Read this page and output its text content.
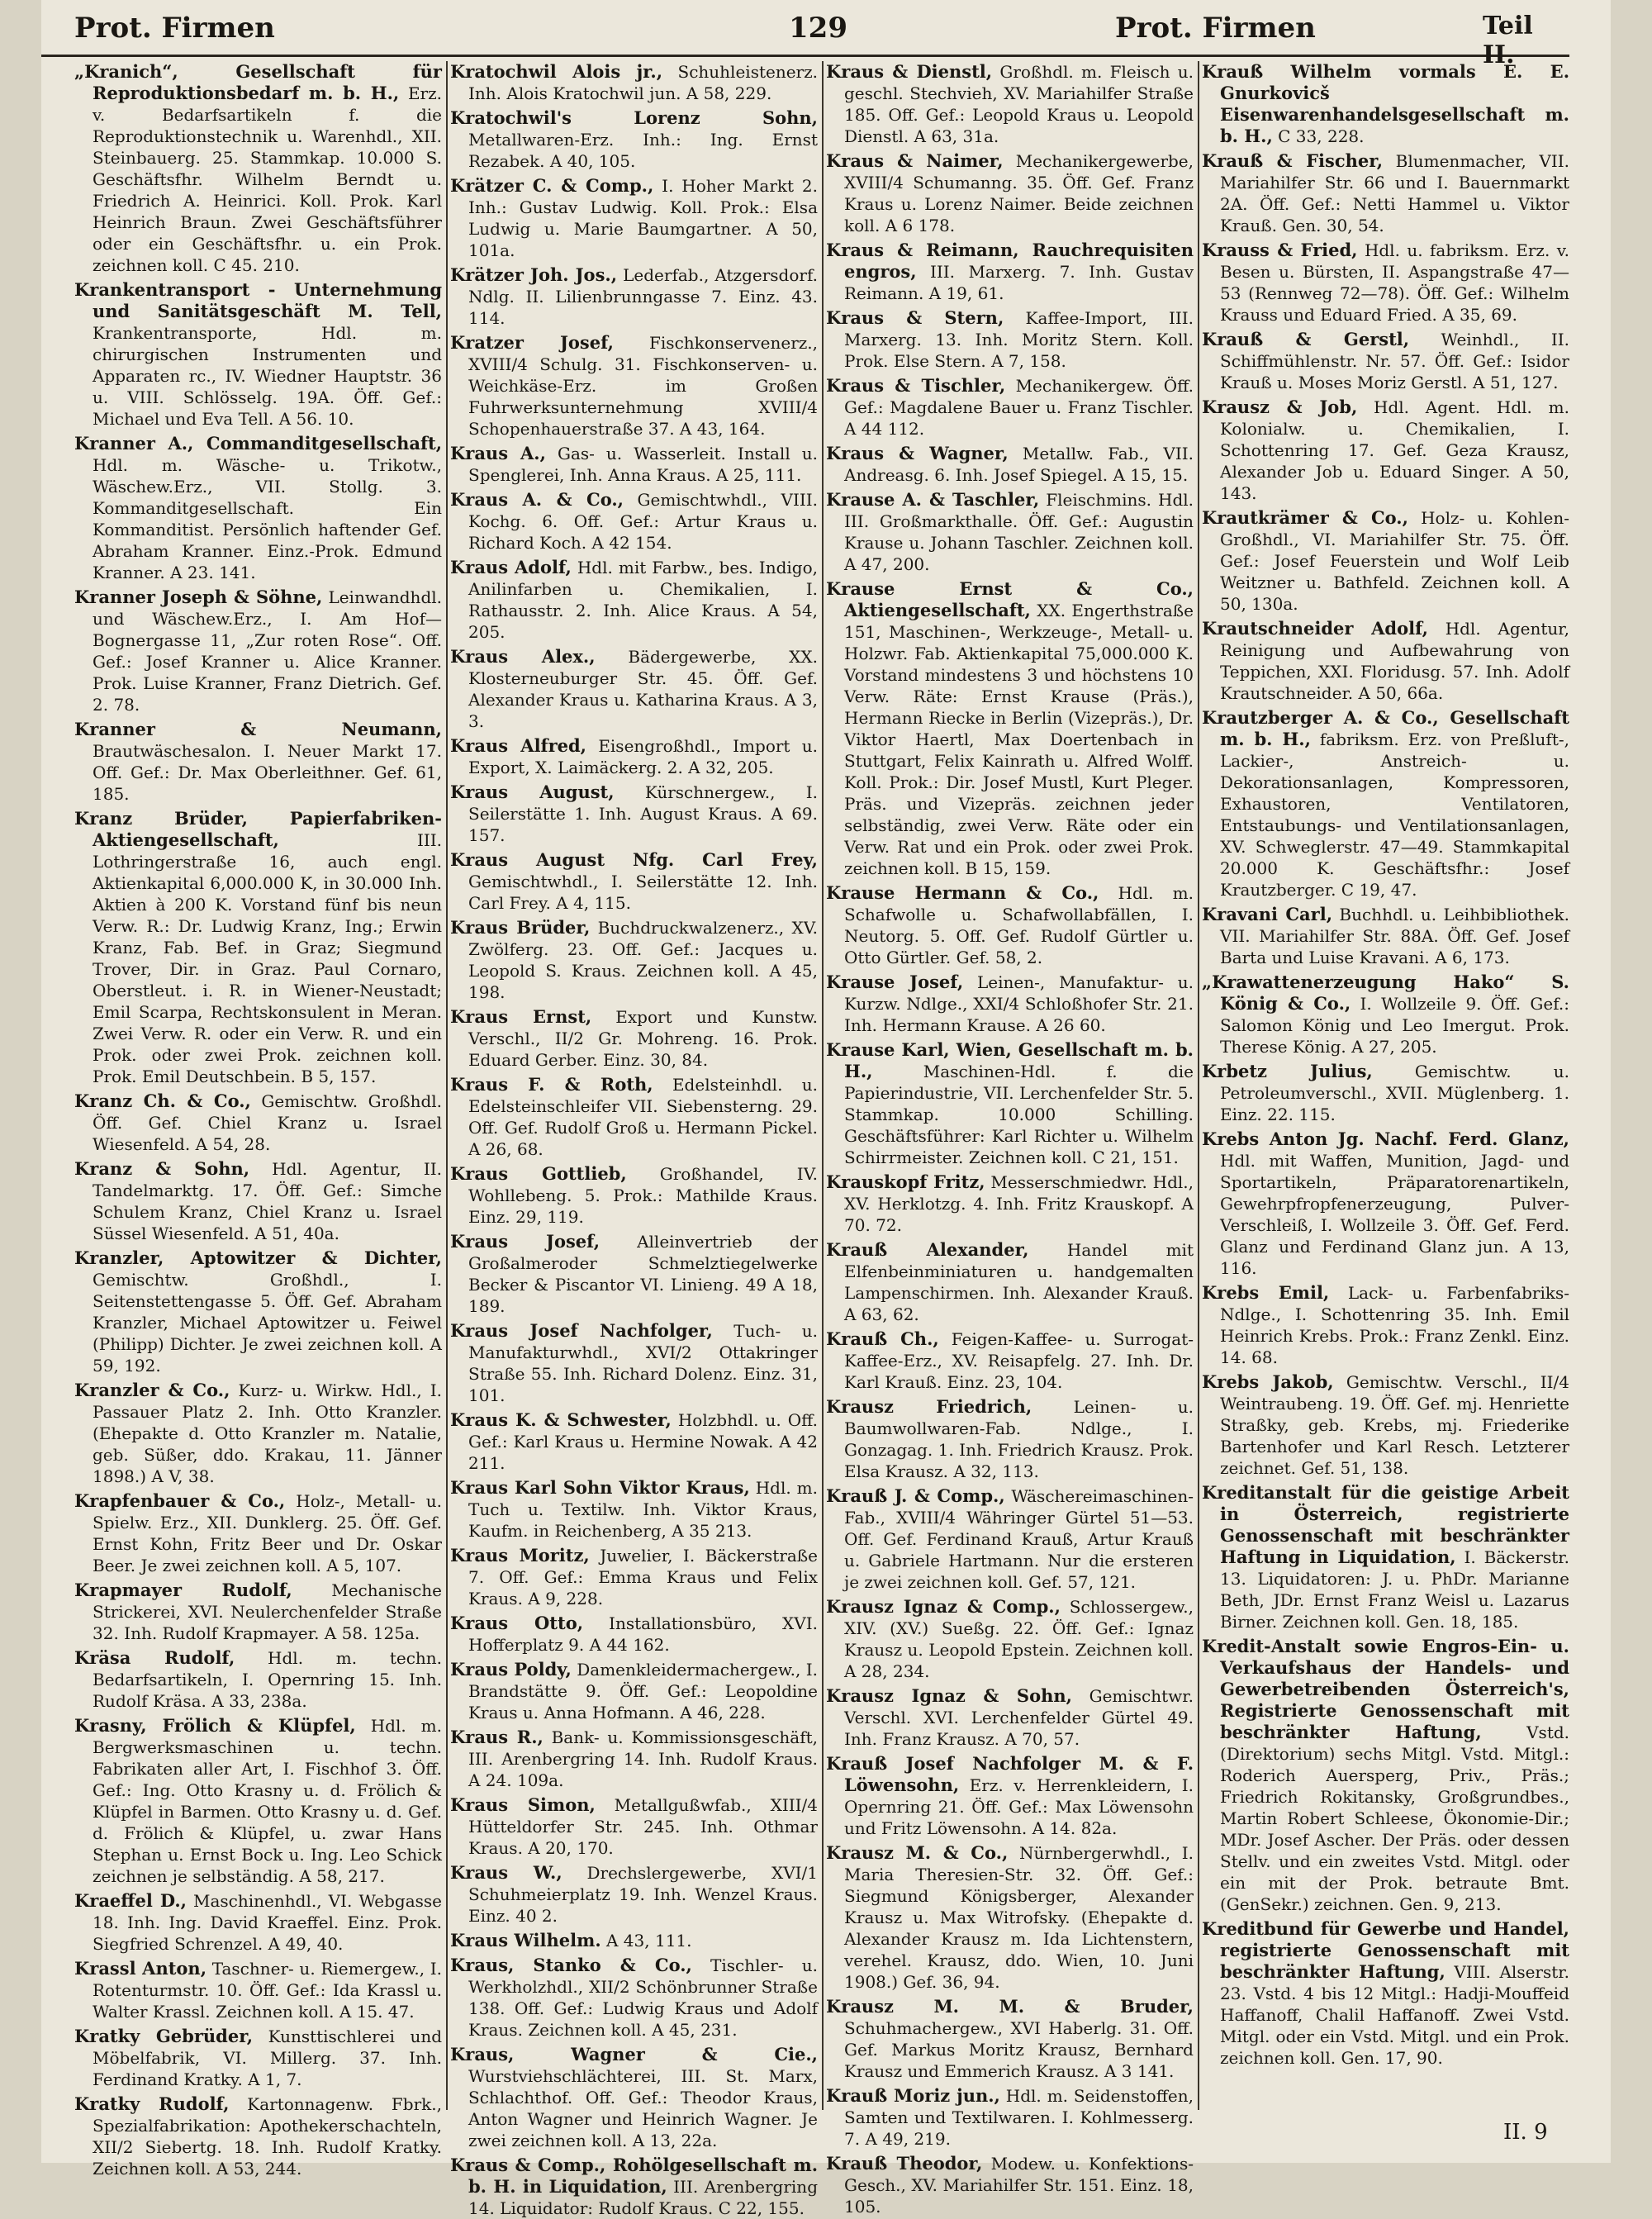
Prot. Firmen	129	Prot. Firmen	Teil II.

„Kranich“, Gesellschaft für Reproduktionsbedarf m. b. H., Erz. v. Bedarfsartikeln f. die Reproduktionstechnik u. Warenhdl., XII. Steinbauerg. 25. Stammkap. 10.000 S. Geschäftsfhr. Wilhelm Berndt u. Friedrich A. Heinrici. Koll. Prok. Karl Heinrich Braun. Zwei Geschäftsführer oder ein Geschäftsfhr. u. ein Prok. zeichnen koll. C 45. 210.

Krankentransport - Unternehmung und Sanitätsgeschäft M. Tell, Krankentransporte, Hdl. m. chirurgischen Instrumenten und Apparaten rc., IV. Wiedner Hauptstr. 36 u. VIII. Schlösselg. 19A. Öff. Gef.: Michael und Eva Tell. A 56. 10.

Kranner A., Commanditgesellschaft, Hdl. m. Wäsche- u. Trikotw., Wäschew.Erz., VII. Stollg. 3. Kommanditgesellschaft. Ein Kommanditist. Persönlich haftender Gef. Abraham Kranner. Einz.-Prok. Edmund Kranner. A 23. 141.

Kranner Joseph & Söhne, Leinwandhdl. und Wäschew.Erz., I. Am Hof—Bognergasse 11, „Zur roten Rose“. Off. Gef.: Josef Kranner u. Alice Kranner. Prok. Luise Kranner, Franz Dietrich. Gef. 2. 78.

Kranner & Neumann, Brautwäschesalon. I. Neuer Markt 17. Off. Gef.: Dr. Max Oberleithner. Gef. 61, 185.

Kranz Brüder, Papierfabriken-Aktiengesellschaft,	III. Lothringerstraße 16, auch engl. Aktienkapital 6,000.000 K, in 30.000 Inh. Aktien à 200 K. Vorstand fünf bis neun Verw. R.: Dr. Ludwig Kranz, Ing.; Erwin Kranz, Fab. Bef. in Graz; Siegmund Trover, Dir. in Graz. Paul Cornaro, Oberstleut. i. R. in Wiener-Neustadt; Emil Scarpa, Rechtskonsulent in Meran. Zwei Verw. R. oder ein Verw. R. und ein Prok. oder zwei Prok. zeichnen koll. Prok. Emil Deutschbein. B 5, 157.

Kranz Ch. & Co., Gemischtw. Großhdl. Öff. Gef. Chiel Kranz u. Israel Wiesenfeld. A 54, 28.

Kranz & Sohn, Hdl. Agentur, II. Tandelmarktg. 17. Öff. Gef.: Simche Schulem Kranz, Chiel Kranz u. Israel Süssel Wiesenfeld. A 51, 40a.

Kranzler, Aptowitzer & Dichter, Gemischtw. Großhdl., I. Seitenstettengasse 5. Öff. Gef. Abraham Kranzler, Michael Aptowitzer u. Feiwel (Philipp) Dichter. Je zwei zeichnen koll. A 59, 192.

Kranzler & Co., Kurz- u. Wirkw. Hdl., I. Passauer Platz 2. Inh. Otto Kranzler. (Ehepakte d. Otto Kranzler m. Natalie, geb. Süßer, ddo. Krakau, 11. Jänner 1898.) A V, 38.

Krapfenbauer & Co., Holz-, Metall- u. Spielw. Erz., XII. Dunklerg. 25. Öff. Gef. Ernst Kohn, Fritz Beer und Dr. Oskar Beer. Je zwei zeichnen koll. A 5, 107.

Krapmayer Rudolf, Mechanische Strickerei, XVI. Neulerchenfelder Straße 32. Inh. Rudolf Krapmayer. A 58. 125a.

Kräsa Rudolf, Hdl. m. techn. Bedarfsartikeln, I. Opernring 15. Inh. Rudolf Kräsa. A 33, 238a.

Krasny, Frölich & Klüpfel, Hdl. m. Bergwerksmaschinen u. techn. Fabrikaten aller Art, I. Fischhof 3. Öff. Gef.: Ing. Otto Krasny u. d. Frölich & Klüpfel in Barmen. Otto Krasny u. d. Gef. d. Frölich & Klüpfel, u. zwar Hans Stephan u. Ernst Bock u. Ing. Leo Schick zeichnen je selbständig. A 58, 217.

Kraeffel D., Maschinenhdl., VI. Webgasse 18. Inh. Ing. David Kraeffel. Einz. Prok. Siegfried Schrenzel. A 49, 40.

Krassl Anton, Taschner- u. Riemergew., I. Rotenturmstr. 10. Öff. Gef.: Ida Krassl u. Walter Krassl. Zeichnen koll. A 15. 47.

Kratky Gebrüder, Kunsttischlerei und Möbelfabrik, VI. Millerg. 37. Inh. Ferdinand Kratky. A 1, 7.

Kratky Rudolf, Kartonnagenw. Fbrk., Spezialfabrikation: Apothekerschachteln, XII/2 Siebertg. 18. Inh. Rudolf Kratky. Zeichnen koll. A 53, 244.

Kratochwil Alois jr., Schuhleistenerz. Inh. Alois Kratochwil jun. A 58, 229.

Kratochwil's Lorenz Sohn, Metallwaren-Erz. Inh.: Ing. Ernst Rezabek. A 40, 105.

Krätzer C. & Comp., I. Hoher Markt 2. Inh.: Gustav Ludwig. Koll. Prok.: Elsa Ludwig u. Marie Baumgartner. A 50, 101a.

Krätzer Joh. Jos., Lederfab., Atzgersdorf. Ndlg. II. Lilienbrunngasse 7. Einz. 43. 114.

Kratzer Josef, Fischkonservenerz., XVIII/4 Schulg. 31. Fischkonserven- u. Weichkäse-Erz. im Großen Fuhrwerksunternehmung XVIII/4 Schopenhauerstraße 37. A 43, 164.

Kraus A., Gas- u. Wasserleit. Install u. Spenglerei, Inh. Anna Kraus. A 25, 111.

Kraus A. & Co., Gemischtwhdl., VIII. Kochg. 6. Off. Gef.: Artur Kraus u. Richard Koch. A 42 154.

Kraus Adolf, Hdl. mit Farbw., bes. Indigo, Anilinfarben u. Chemikalien, I. Rathausstr. 2. Inh. Alice Kraus. A 54, 205.

Kraus Alex., Bädergewerbe, XX. Klosterneuburger Str. 45. Öff. Gef. Alexander Kraus u. Katharina Kraus. A 3, 3.

Kraus Alfred, Eisengroßhdl., Import u. Export, X. Laimäckerg. 2. A 32, 205.

Kraus August, Kürschnergew., I. Seilerstätte 1. Inh. August Kraus. A 69. 157.

Kraus August Nfg. Carl Frey, Gemischtwhdl., I. Seilerstätte 12. Inh. Carl Frey. A 4, 115.

Kraus Brüder, Buchdruckwalzenerz., XV. Zwölferg. 23. Off. Gef.: Jacques u. Leopold S. Kraus. Zeichnen koll. A 45, 198.

Kraus Ernst, Export und Kunstw. Verschl., II/2 Gr. Mohreng. 16. Prok. Eduard Gerber. Einz. 30, 84.

Kraus F. & Roth, Edelsteinhdl. u. Edelsteinschleifer VII. Siebensterng. 29. Off. Gef. Rudolf Groß u. Hermann Pickel. A 26, 68.

Kraus Gottlieb, Großhandel, IV. Wohllebeng. 5. Prok.: Mathilde Kraus. Einz. 29, 119.

Kraus Josef, Alleinvertrieb der Großalmeroder Schmelztiegelwerke Becker & Piscantor VI. Linieng. 49 A 18, 189.

Kraus Josef Nachfolger, Tuch- u. Manufakturwhdl., XVI/2 Ottakringer Straße 55. Inh. Richard Dolenz. Einz. 31, 101.

Kraus K. & Schwester, Holzbhdl. u. Off. Gef.: Karl Kraus u. Hermine Nowak. A 42 211.

Kraus Karl Sohn Viktor Kraus, Hdl. m. Tuch u. Textilw. Inh. Viktor Kraus, Kaufm. in Reichenberg, A 35 213.

Kraus Moritz, Juwelier, I. Bäckerstraße 7. Off. Gef.: Emma Kraus und Felix Kraus. A 9, 228.

Kraus Otto, Installationsbüro, XVI. Hofferplatz 9. A 44 162.

Kraus Poldy, Damenkleidermachergew., I. Brandstätte 9. Öff. Gef.: Leopoldine Kraus u. Anna Hofmann. A 46, 228.

Kraus R., Bank- u. Kommissionsgeschäft, III. Arenbergring 14. Inh. Rudolf Kraus. A 24. 109a.

Kraus Simon, Metallgußwfab., XIII/4 Hütteldorfer Str. 245. Inh. Othmar Kraus. A 20, 170.

Kraus W., Drechslergewerbe, XVI/1 Schuhmeierplatz 19. Inh. Wenzel Kraus. Einz. 40 2.

Kraus Wilhelm. A 43, 111.

Kraus, Stanko & Co., Tischler- u. Werkholzhdl., XII/2 Schönbrunner Straße 138. Off. Gef.: Ludwig Kraus und Adolf Kraus. Zeichnen koll. A 45, 231.

Kraus, Wagner & Cie., Wurstviehschlächterei, III. St. Marx, Schlachthof. Off. Gef.: Theodor Kraus, Anton Wagner und Heinrich Wagner. Je zwei zeichnen koll. A 13, 22a.

Kraus & Comp., Rohölgesellschaft m. b. H. in Liquidation, III. Arenbergring 14. Liquidator: Rudolf Kraus. C 22, 155.

Kraus & Dienstl, Großhdl. m. Fleisch u. geschl. Stechvieh, XV. Mariahilfer Straße 185. Off. Gef.: Leopold Kraus u. Leopold Dienstl. A 63, 31a.

Kraus & Naimer, Mechanikergewerbe, XVIII/4 Schumanng. 35. Öff. Gef. Franz Kraus u. Lorenz Naimer. Beide zeichnen koll. A 6 178.

Kraus & Reimann, Rauchrequisiten engros, III. Marxerg. 7. Inh. Gustav Reimann. A 19, 61.

Kraus & Stern, Kaffee-Import, III. Marxerg. 13. Inh. Moritz Stern. Koll. Prok. Else Stern. A 7, 158.

Kraus & Tischler, Mechanikergew. Öff. Gef.: Magdalene Bauer u. Franz Tischler. A 44 112.

Kraus & Wagner, Metallw. Fab., VII. Andreasg. 6. Inh. Josef Spiegel. A 15, 15.

Krause A. & Taschler, Fleischmins. Hdl. III. Großmarkthalle. Öff. Gef.: Augustin Krause u. Johann Taschler. Zeichnen koll. A 47, 200.

Krause Ernst & Co., Aktiengesellschaft, XX. Engerthstraße 151, Maschinen-, Werkzeuge-, Metall- u. Holzwr. Fab. Aktienkapital 75,000.000 K. Vorstand mindestens 3 und höchstens 10 Verw. Räte: Ernst Krause (Präs.), Hermann Riecke in Berlin (Vizepräs.), Dr. Viktor Haertl, Max Doertenbach in Stuttgart, Felix Kainrath u. Alfred Wolff. Koll. Prok.: Dir. Josef Mustl, Kurt Pleger. Präs. und Vizepräs. zeichnen jeder selbständig, zwei Verw. Räte oder ein Verw. Rat und ein Prok. oder zwei Prok. zeichnen koll. B 15, 159.

Krause Hermann & Co., Hdl. m. Schafwolle u. Schafwollabfällen, I. Neutorg. 5. Off. Gef. Rudolf Gürtler u. Otto Gürtler. Gef. 58, 2.

Krause Josef, Leinen-, Manufaktur- u. Kurzw. Ndlge., XXI/4 Schloßhofer Str. 21. Inh. Hermann Krause. A 26 60.

Krause Karl, Wien, Gesellschaft m. b. H.,	Maschinen-Hdl. f. die Papierindustrie, VII. Lerchenfelder Str. 5. Stammkap. 10.000 Schilling. Geschäftsführer: Karl Richter u. Wilhelm Schirrmeister. Zeichnen koll. C 21, 151.

Krauskopf Fritz, Messerschmiedwr. Hdl., XV. Herklotzg. 4. Inh. Fritz Krauskopf. A 70. 72.

Krauß Alexander, Handel mit Elfenbeinminiaturen u. handgemalten Lampenschirmen. Inh. Alexander Krauß. A 63, 62.

Krauß Ch., Feigen-Kaffee- u. Surrogat-Kaffee-Erz., XV. Reisapfelg. 27. Inh. Dr. Karl Krauß. Einz. 23, 104.

Krausz Friedrich,	Leinen- u. Baumwollwaren-Fab. Ndlge., I. Gonzagag. 1. Inh. Friedrich Krausz. Prok. Elsa Krausz. A 32, 113.

Krauß J. & Comp., Wäschereimaschinen-Fab., XVIII/4 Währinger Gürtel 51—53. Off. Gef. Ferdinand Krauß, Artur Krauß u. Gabriele Hartmann. Nur die ersteren je zwei zeichnen koll. Gef. 57, 121.

Krausz Ignaz & Comp., Schlossergew., XIV. (XV.) Sueßg. 22. Öff. Gef.: Ignaz Krausz u. Leopold Epstein. Zeichnen koll. A 28, 234.

Krausz Ignaz & Sohn, Gemischtwr. Verschl. XVI. Lerchenfelder Gürtel 49. Inh. Franz Krausz. A 70, 57.

Krauß Josef Nachfolger M. & F. Löwensohn, Erz. v. Herrenkleidern, I. Opernring 21. Öff. Gef.: Max Löwensohn und Fritz Löwensohn. A 14. 82a.

Krausz M. & Co., Nürnbergerwhdl., I. Maria Theresien-Str. 32. Öff. Gef.: Siegmund Königsberger, Alexander Krausz u. Max Witrofsky. (Ehepakte d. Alexander Krausz m. Ida Lichtenstern, verehel. Krausz, ddo. Wien, 10. Juni 1908.) Gef. 36, 94.

Krausz M. M. & Bruder, Schuhmachergew., XVI Haberlg. 31. Off. Gef. Markus Moritz Krausz, Bernhard Krausz und Emmerich Krausz. A 3 141.

Krauß Moriz jun., Hdl. m. Seidenstoffen, Samten und Textilwaren. I. Kohlmesserg. 7. A 49, 219.

Krauß Theodor, Modew. u. Konfektions-Gesch., XV. Mariahilfer Str. 151. Einz. 18, 105.

Krauß Wilhelm vormals E. E. Gnurkovicš Eisenwarenhandelsgesellschaft m. b. H., C 33, 228.

Krauß & Fischer, Blumenmacher, VII. Mariahilfer Str. 66 und I. Bauernmarkt 2A. Öff. Gef.: Netti Hammel u. Viktor Krauß. Gen. 30, 54.

Krauss & Fried, Hdl. u. fabriksm. Erz. v. Besen u. Bürsten, II. Aspangstraße 47—53 (Rennweg 72—78). Öff. Gef.: Wilhelm Krauss und Eduard Fried. A 35, 69.

Krauß & Gerstl, Weinhdl., II. Schiffmühlenstr. Nr. 57. Öff. Gef.: Isidor Krauß u. Moses Moriz Gerstl. A 51, 127.

Krausz & Job, Hdl. Agent. Hdl. m. Kolonialw. u. Chemikalien, I. Schottenring 17. Gef. Geza Krausz, Alexander Job u. Eduard Singer. A 50, 143.

Krautkrämer & Co., Holz- u. Kohlen-Großhdl., VI. Mariahilfer Str. 75. Öff. Gef.: Josef Feuerstein und Wolf Leib Weitzner u. Bathfeld. Zeichnen koll. A 50, 130a.

Krautschneider Adolf, Hdl. Agentur, Reinigung und Aufbewahrung von Teppichen, XXI. Floridusg. 57. Inh. Adolf Krautschneider. A 50, 66a.

Krautzberger A. & Co., Gesellschaft m. b. H., fabriksm. Erz. von Preßluft-, Lackier-, Anstreich- u. Dekorationsanlagen, Kompressoren, Exhaustoren, Ventilatoren, Entstaubungs- und Ventilationsanlagen, XV. Schweglerstr. 47—49. Stammkapital 20.000 K. Geschäftsfhr.: Josef Krautzberger. C 19, 47.

Kravani Carl, Buchhdl. u. Leihbibliothek. VII. Mariahilfer Str. 88A. Öff. Gef. Josef Barta und Luise Kravani. A 6, 173.

„Krawattenerzeugung Hako“ S. König & Co., I. Wollzeile 9. Öff. Gef.: Salomon König und Leo Imergut. Prok. Therese König. A 27, 205.

Krbetz Julius,	Gemischtw. u. Petroleumverschl., XVII. Müglenberg. 1. Einz. 22. 115.

Krebs Anton Jg. Nachf. Ferd. Glanz, Hdl. mit Waffen, Munition, Jagd- und Sportartikeln, Präparatorenartikeln, Gewehrpfropfenerzeugung, Pulver-Verschleiß, I. Wollzeile 3. Öff. Gef. Ferd. Glanz und Ferdinand Glanz jun. A 13, 116.

Krebs Emil, Lack- u. Farbenfabriks-Ndlge., I. Schottenring 35. Inh. Emil Heinrich Krebs. Prok.: Franz Zenkl. Einz. 14. 68.

Krebs Jakob, Gemischtw. Verschl., II/4 Weintraubeng. 19. Öff. Gef. mj. Henriette Straßky, geb. Krebs, mj. Friederike Bartenhofer und Karl Resch. Letzterer zeichnet. Gef. 51, 138.

Kreditanstalt für die geistige Arbeit in Österreich, registrierte Genossenschaft mit beschränkter Haftung in Liquidation, I. Bäckerstr. 13. Liquidatoren: J. u. PhDr. Marianne Beth, JDr. Ernst Franz Weisl u. Lazarus Birner. Zeichnen koll. Gen. 18, 185.

Kredit-Anstalt sowie Engros-Ein- u. Verkaufshaus der Handels- und Gewerbetreibenden Österreich's, Registrierte Genossenschaft mit beschränkter Haftung,	Vstd. (Direktorium) sechs Mitgl. Vstd. Mitgl.: Roderich Auersperg, Priv., Präs.; Friedrich Rokitansky, Großgrundbes., Martin Robert Schleese, Ökonomie-Dir.; MDr. Josef Ascher. Der Präs. oder dessen Stellv. und ein zweites Vstd. Mitgl. oder ein mit der Prok. betraute Bmt. (GenSekr.) zeichnen. Gen. 9, 213.

Kreditbund für Gewerbe und Handel, registrierte Genossenschaft mit beschränkter Haftung, VIII. Alserstr. 23. Vstd. 4 bis 12 Mitgl.: Hadji-Mouffeid Haffanoff, Chalil Haffanoff. Zwei Vstd. Mitgl. oder ein Vstd. Mitgl. und ein Prok. zeichnen koll. Gen. 17, 90.

II. 9
